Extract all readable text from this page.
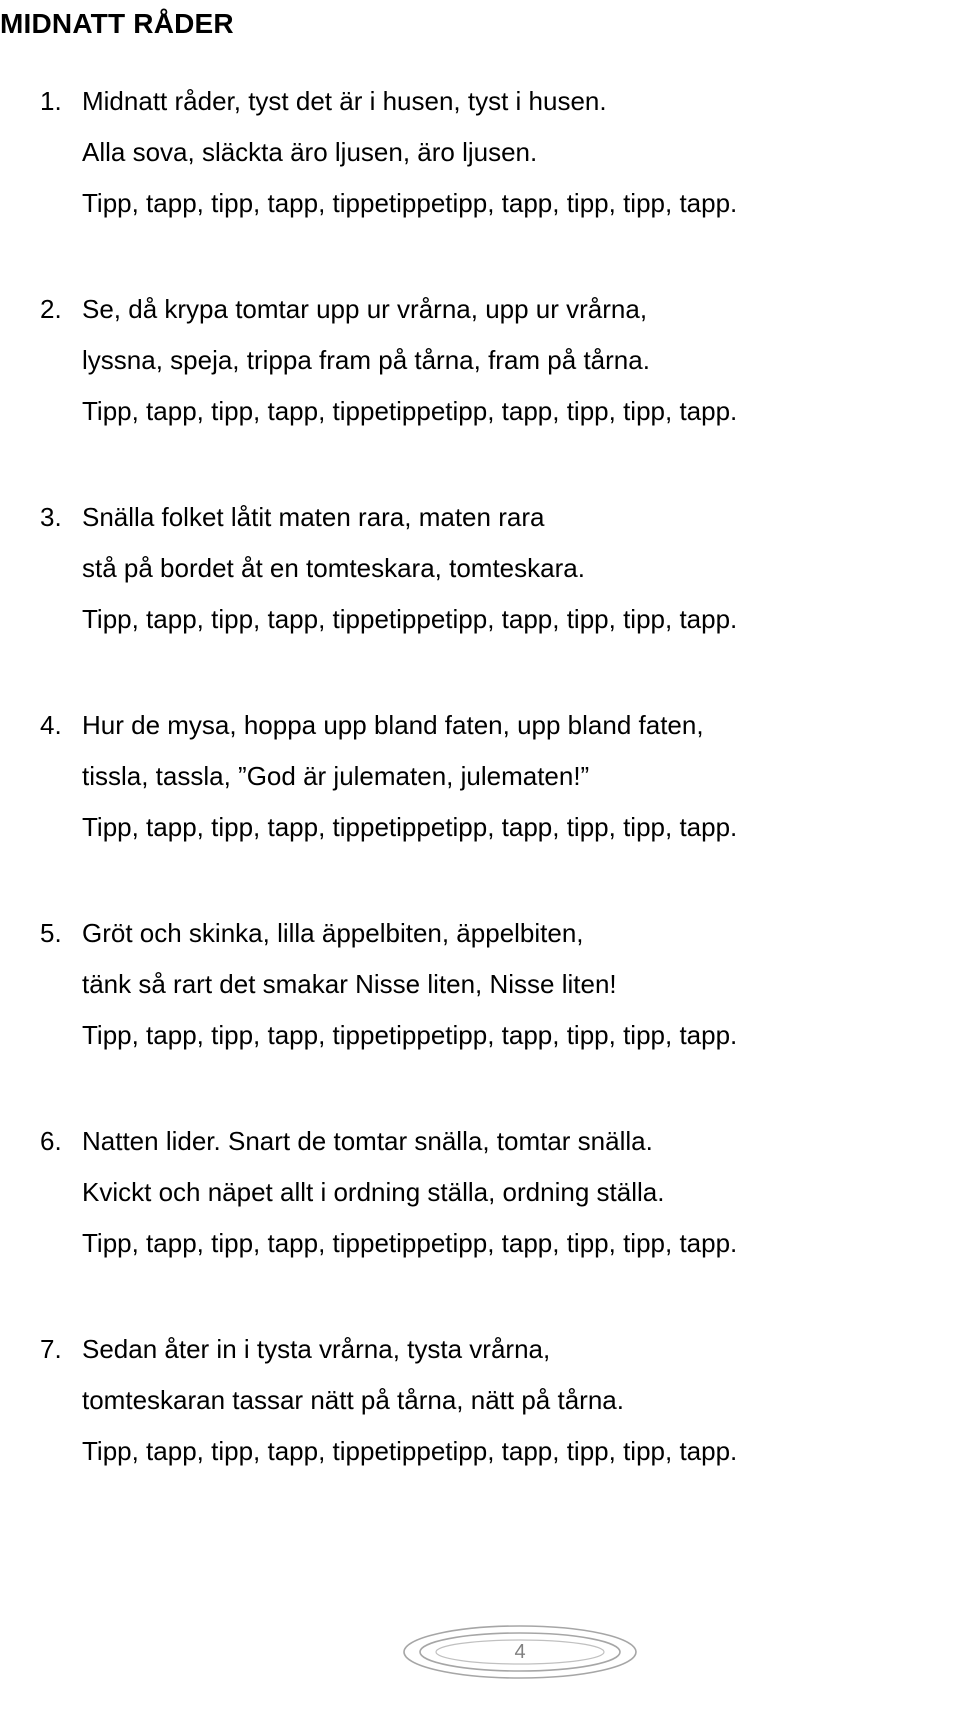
MIDNATT RÅDER
1. Midnatt råder, tyst det är i husen, tyst i husen.
Alla sova, släckta äro ljusen, äro ljusen.
Tipp, tapp, tipp, tapp, tippetippetipp, tapp, tipp, tipp, tapp.
2. Se, då krypa tomtar upp ur vrårna, upp ur vrårna,
lyssna, speja, trippa fram på tårna, fram på tårna.
Tipp, tapp, tipp, tapp, tippetippetipp, tapp, tipp, tipp, tapp.
3. Snälla folket låtit maten rara, maten rara
stå på bordet åt en tomteskara, tomteskara.
Tipp, tapp, tipp, tapp, tippetippetipp, tapp, tipp, tipp, tapp.
4. Hur de mysa, hoppa upp bland faten, upp bland faten,
tissla, tassla, ”God är julematen, julematen!”
Tipp, tapp, tipp, tapp, tippetippetipp, tapp, tipp, tipp, tapp.
5. Gröt och skinka, lilla äppelbiten, äppelbiten,
tänk så rart det smakar Nisse liten, Nisse liten!
Tipp, tapp, tipp, tapp, tippetippetipp, tapp, tipp, tipp, tapp.
6. Natten lider. Snart de tomtar snälla, tomtar snälla.
Kvickt och näpet allt i ordning ställa, ordning ställa.
Tipp, tapp, tipp, tapp, tippetippetipp, tapp, tipp, tipp, tapp.
7. Sedan åter in i tysta vrårna, tysta vrårna,
tomteskaran tassar nätt på tårna, nätt på tårna.
Tipp, tapp, tipp, tapp, tippetippetipp, tapp, tipp, tipp, tapp.
4
